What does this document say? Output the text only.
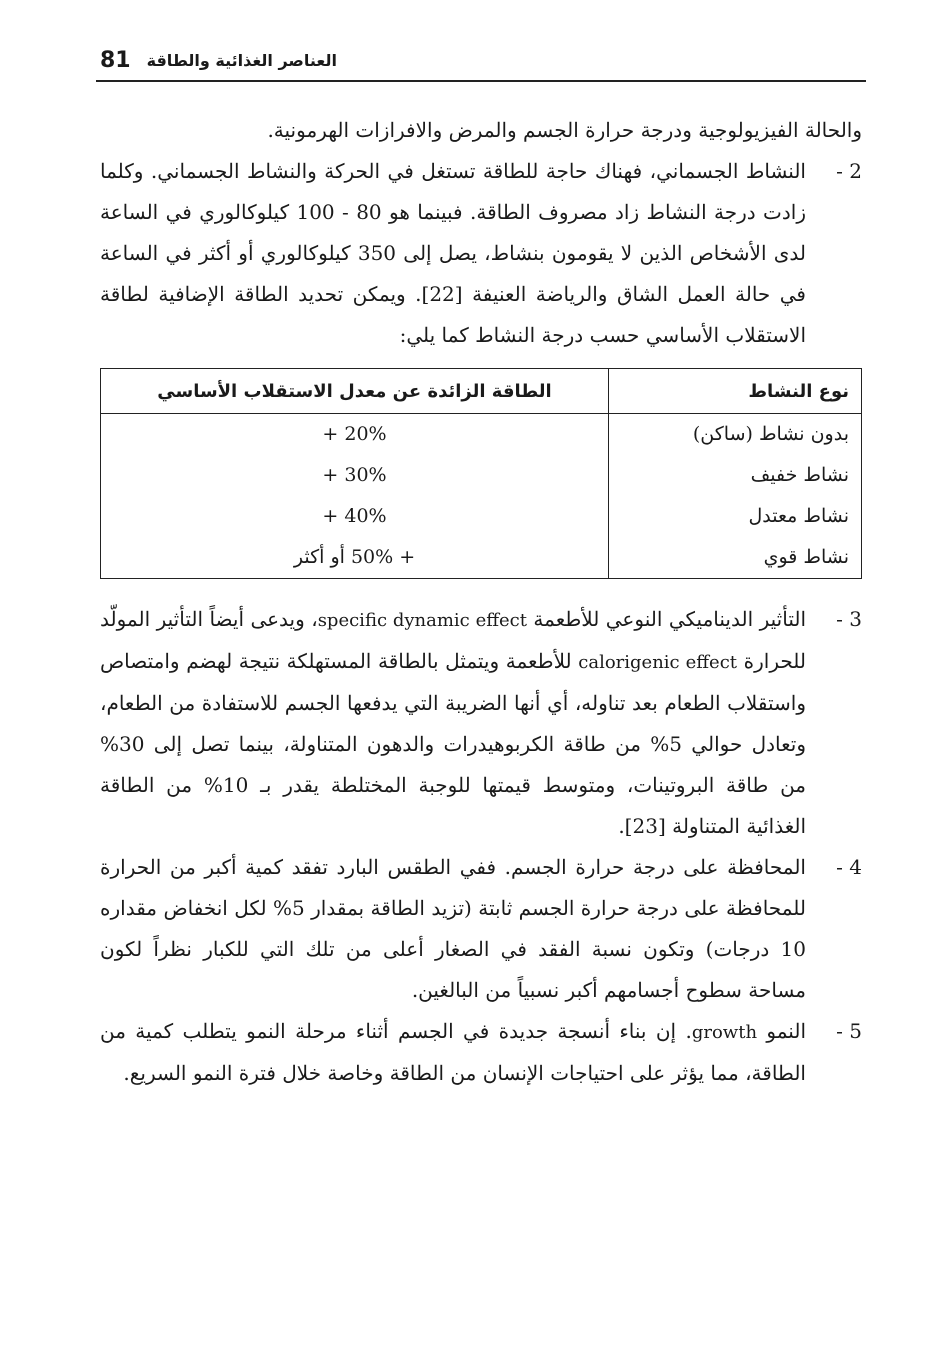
81 العناصر الغذائية والطاقة

والحالة الفيزيولوجية ودرجة حرارة الجسم والمرض والافرازات الهرمونية.

2 -
النشاط الجسماني، فهناك حاجة للطاقة تستغل في الحركة والنشاط الجسماني. وكلما زادت درجة النشاط زاد مصروف الطاقة. فبينما هو 80 - 100 كيلوكالوري في الساعة لدى الأشخاص الذين لا يقومون بنشاط، يصل إلى 350 كيلوكالوري أو أكثر في الساعة في حالة العمل الشاق والرياضة العنيفة [22]. ويمكن تحديد الطاقة الإضافية لطاقة الاستقلاب الأساسي حسب درجة النشاط كما يلي:
نوع النشاط	الطاقة الزائدة عن معدل الاستقلاب الأساسي
بدون نشاط (ساكن)	+ 20%
نشاط خفيف	+ 30%
نشاط معتدل	+ 40%
نشاط قوي	+ 50% أو أكثر
3 -
التأثير الديناميكي النوعي للأطعمة specific dynamic effect، ويدعى أيضاً التأثير المولّد للحرارة calorigenic effect للأطعمة ويتمثل بالطاقة المستهلكة نتيجة لهضم وامتصاص واستقلاب الطعام بعد تناوله، أي أنها الضريبة التي يدفعها الجسم للاستفادة من الطعام، وتعادل حوالي 5% من طاقة الكربوهيدرات والدهون المتناولة، بينما تصل إلى 30% من طاقة البروتينات، ومتوسط قيمتها للوجبة المختلطة يقدر بـ 10% من الطاقة الغذائية المتناولة [23].
4 -
المحافظة على درجة حرارة الجسم. ففي الطقس البارد تفقد كمية أكبر من الحرارة للمحافظة على درجة حرارة الجسم ثابتة (تزيد الطاقة بمقدار 5% لكل انخفاض مقداره 10 درجات) وتكون نسبة الفقد في الصغار أعلى من تلك التي للكبار نظراً لكون مساحة سطوح أجسامهم أكبر نسبياً من البالغين.
5 -
النمو growth. إن بناء أنسجة جديدة في الجسم أثناء مرحلة النمو يتطلب كمية من الطاقة، مما يؤثر على احتياجات الإنسان من الطاقة وخاصة خلال فترة النمو السريع.
